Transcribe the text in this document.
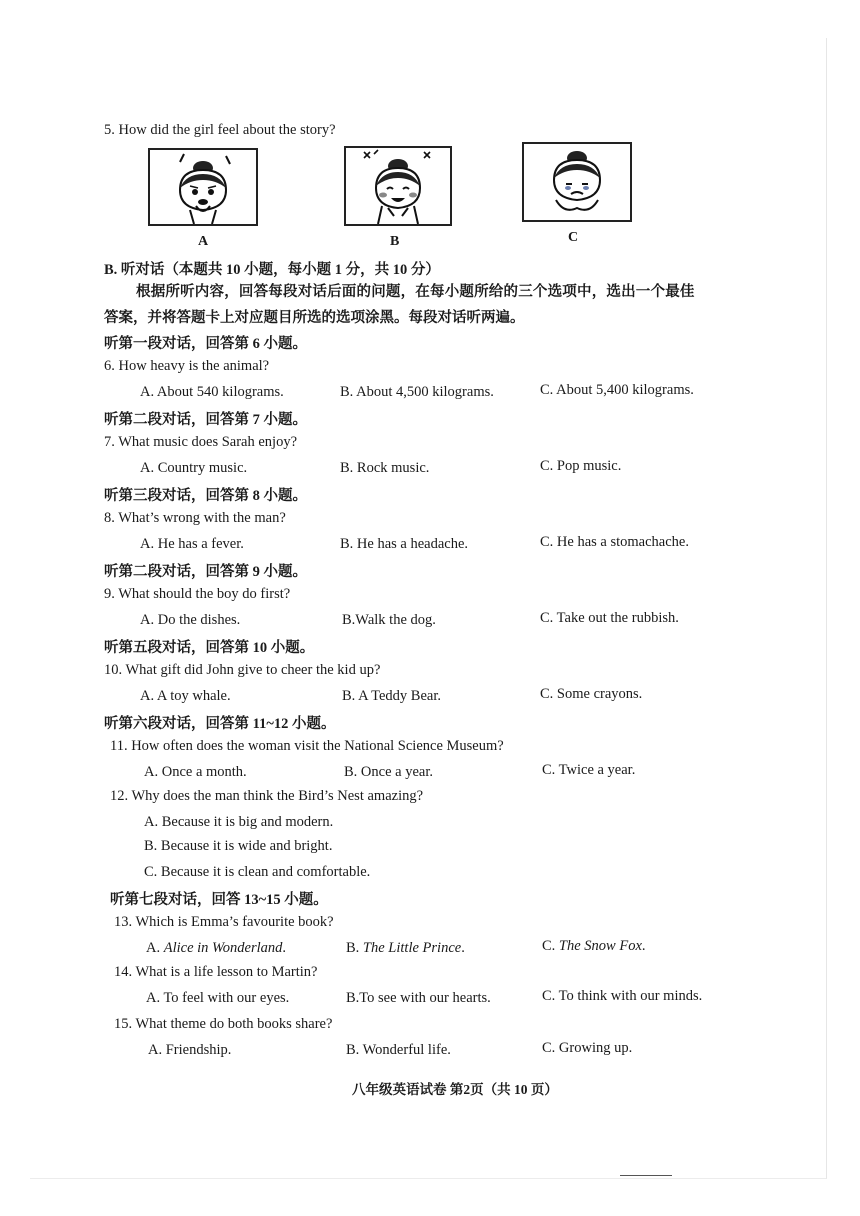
5. How did the girl feel about the story?
A	B	C
B. 听对话（本题共 10 小题，每小题 1 分，共 10 分）
根据所听内容，回答每段对话后面的问题，在每小题所给的三个选项中，选出一个最佳
答案，并将答题卡上对应题目所选的选项涂黑。每段对话听两遍。
听第一段对话，回答第 6 小题。
6. How heavy is the animal?
A. About 540 kilograms.	B. About 4,500 kilograms.	C. About 5,400 kilograms.
听第二段对话，回答第 7 小题。
7. What music does Sarah enjoy?
A. Country music.	B. Rock music.	C. Pop music.
听第三段对话，回答第 8 小题。
8. What’s wrong with the man?
A. He has a fever.	B. He has a headache.	C. He has a stomachache.
听第二段对话，回答第 9 小题。
9. What should the boy do first?
A. Do the dishes.	B.Walk the dog.	C. Take out the rubbish.
听第五段对话，回答第 10 小题。
10. What gift did John give to cheer the kid up?
A. A toy whale.	B. A Teddy Bear.	C. Some crayons.
听第六段对话，回答第 11~12 小题。
11. How often does the woman visit the National Science Museum?
A. Once a month.	B. Once a year.	C. Twice a year.
12. Why does the man think the Bird’s Nest amazing?
A. Because it is big and modern.
B. Because it is wide and bright.
C. Because it is clean and comfortable.
听第七段对话，回答 13~15 小题。
13. Which is Emma’s favourite book?
A. Alice in Wonderland.	B. The Little Prince.	C. The Snow Fox.
14. What is a life lesson to Martin?
A. To feel with our eyes.	B.To see with our hearts.	C. To think with our minds.
15. What theme do both books share?
A. Friendship.	B. Wonderful life.	C. Growing up.
八年级英语试卷 第2页（共 10 页）
